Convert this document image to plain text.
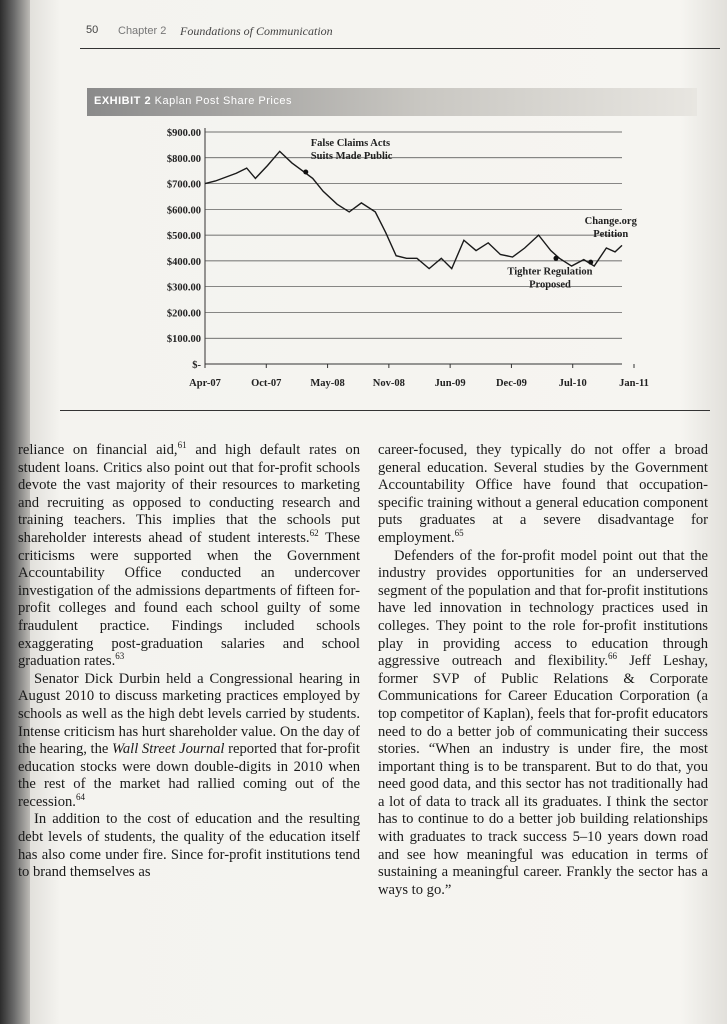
50 Chapter 2 Foundations of Communication
EXHIBIT 2 Kaplan Post Share Prices
$-
$100.00
$200.00
$300.00
$400.00
$500.00
$600.00
$700.00
$800.00
$900.00
Apr-07	Oct-07	May-08	Nov-08	Jun-09	Dec-09	Jul-10	Jan-11
False Claims Acts
Suits Made Public
Change.org
Petition
Tighter Regulation
Proposed

reliance on financial aid,$^{61}$ and high default rates on student loans. Critics also point out that for-profit schools devote the vast majority of their resources to marketing and recruiting as opposed to conducting research and training teachers. This implies that the schools put shareholder interests ahead of student interests.$^{62}$ These criticisms were supported when the Government Accountability Office conducted an undercover investigation of the admissions departments of fifteen for-profit colleges and found each school guilty of some fraudulent practice. Findings included schools exaggerating post-graduation salaries and school graduation rates.$^{63}$

Senator Dick Durbin held a Congressional hearing in August 2010 to discuss marketing practices employed by schools as well as the high debt levels carried by students. Intense criticism has hurt shareholder value. On the day of the hearing, the Wall Street Journal reported that for-profit education stocks were down double-digits in 2010 when the rest of the market had rallied coming out of the recession.$^{64}$

In addition to the cost of education and the resulting debt levels of students, the quality of the education itself has also come under fire. Since for-profit institutions tend to brand themselves as

career-focused, they typically do not offer a broad general education. Several studies by the Government Accountability Office have found that occupation-specific training without a general education component puts graduates at a severe disadvantage for employment.$^{65}$

Defenders of the for-profit model point out that the industry provides opportunities for an underserved segment of the population and that for-profit institutions have led innovation in technology practices used in colleges. They point to the role for-profit institutions play in providing access to education through aggressive outreach and flexibility.$^{66}$ Jeff Leshay, former SVP of Public Relations & Corporate Communications for Career Education Corporation (a top competitor of Kaplan), feels that for-profit educators need to do a better job of communicating their success stories. “When an industry is under fire, the most important thing is to be transparent. But to do that, you need good data, and this sector has not traditionally had a lot of data to track all its graduates. I think the sector has to continue to do a better job building relationships with graduates to track success 5–10 years down road and see how meaningful was education in terms of sustaining a meaningful career. Frankly the sector has a ways to go.”
